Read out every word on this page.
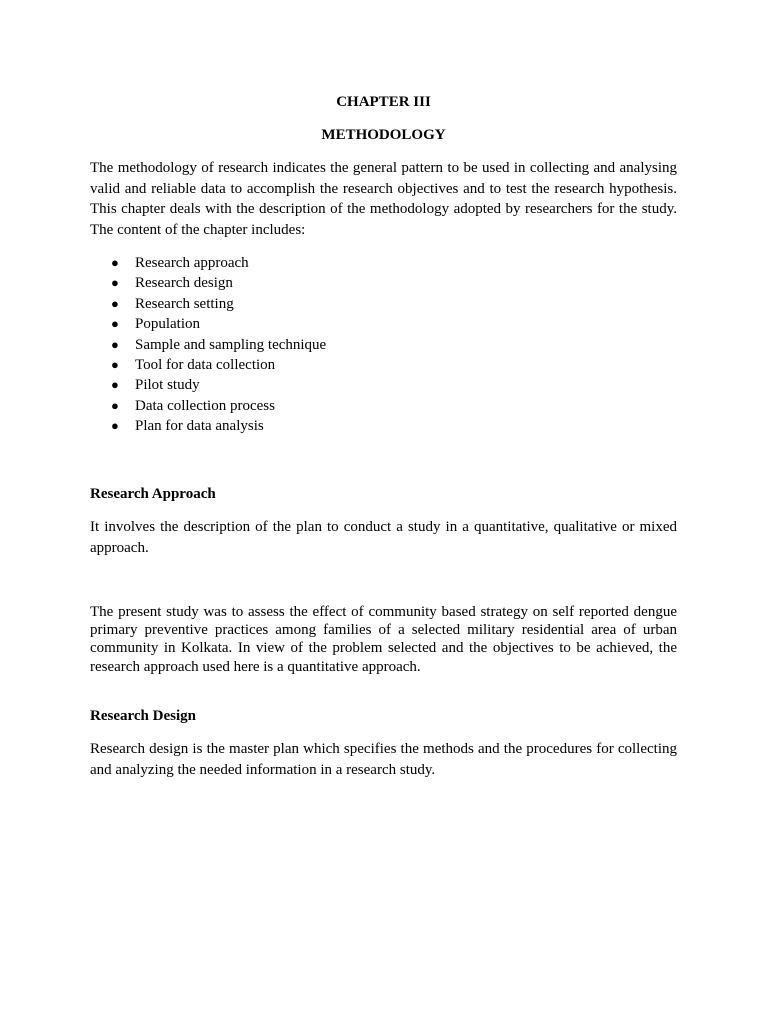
CHAPTER III
METHODOLOGY

The methodology of research indicates the general pattern to be used in collecting and analysing valid and reliable data to accomplish the research objectives and to test the research hypothesis. This chapter deals with the description of the methodology adopted by researchers for the study. The content of the chapter includes:

● Research approach
● Research design
● Research setting
● Population
● Sample and sampling technique
● Tool for data collection
● Pilot study
● Data collection process
● Plan for data analysis
Research Approach

It involves the description of the plan to conduct a study in a quantitative, qualitative or mixed approach.

The present study was to assess the effect of community based strategy on self reported dengue primary preventive practices among families of a selected military residential area of urban community in Kolkata. In view of the problem selected and the objectives to be achieved, the research approach used here is a quantitative approach.

Research Design

Research design is the master plan which specifies the methods and the procedures for collecting and analyzing the needed information in a research study.
